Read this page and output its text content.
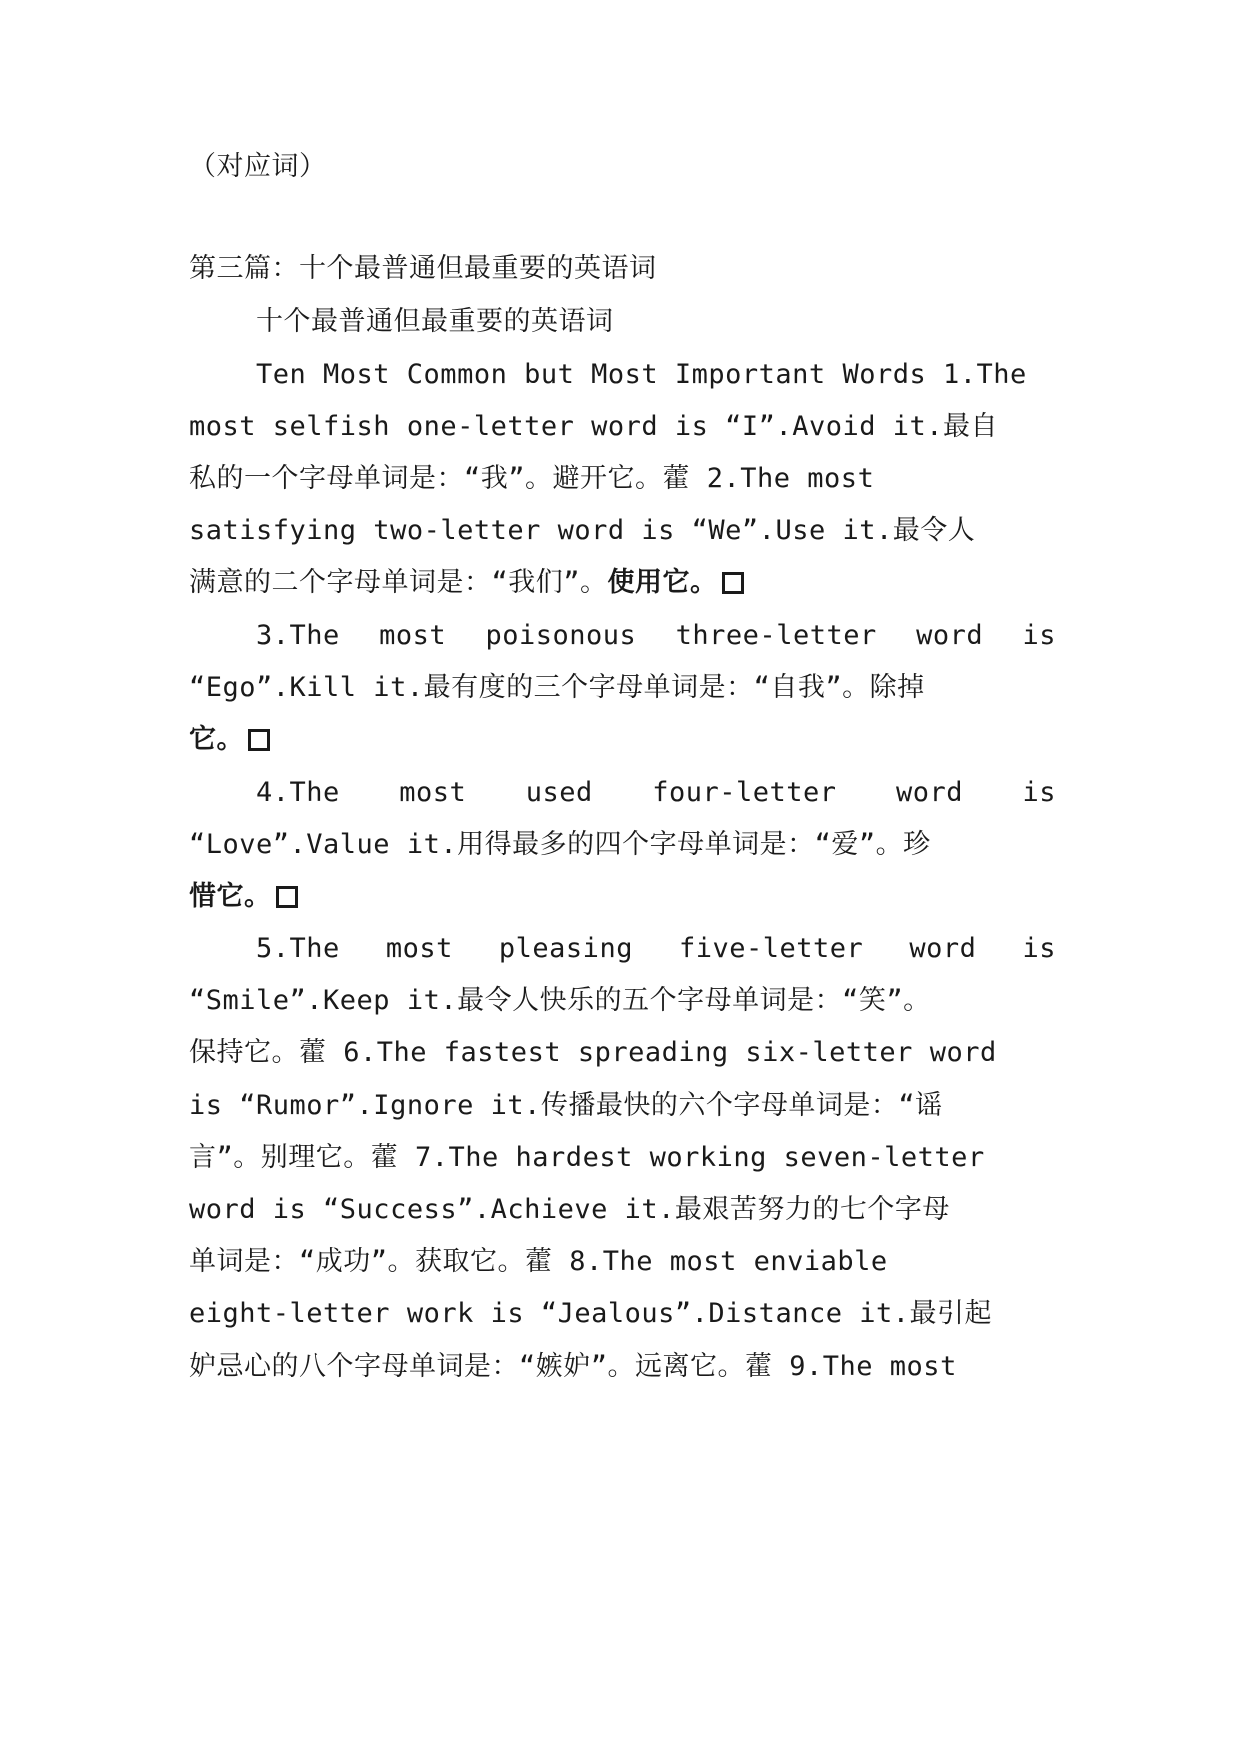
（对应词）
第三篇：十个最普通但最重要的英语词
十个最普通但最重要的英语词
Ten Most Common but Most Important Words 1.The
most selfish one-letter word is “I”.Avoid it.最自
私的一个字母单词是：“我”。避开它。藿 2.The most
satisfying two-letter word is “We”.Use it.最令人
满意的二个字母单词是：“我们”。使用它。
3.The most poisonous three-letter word is
“Ego”.Kill it.最有度的三个字母单词是：“自我”。除掉
它。
4.The most used four-letter word is
“Love”.Value it.用得最多的四个字母单词是：“爱”。珍
惜它。
5.The most pleasing five-letter word is
“Smile”.Keep it.最令人快乐的五个字母单词是：“笑”。
保持它。藿 6.The fastest spreading six-letter word
is “Rumor”.Ignore it.传播最快的六个字母单词是：“谣
言”。别理它。藿 7.The hardest working seven-letter
word is “Success”.Achieve it.最艰苦努力的七个字母
单词是：“成功”。获取它。藿 8.The most enviable
eight-letter work is “Jealous”.Distance it.最引起
妒忌心的八个字母单词是：“嫉妒”。远离它。藿 9.The most
